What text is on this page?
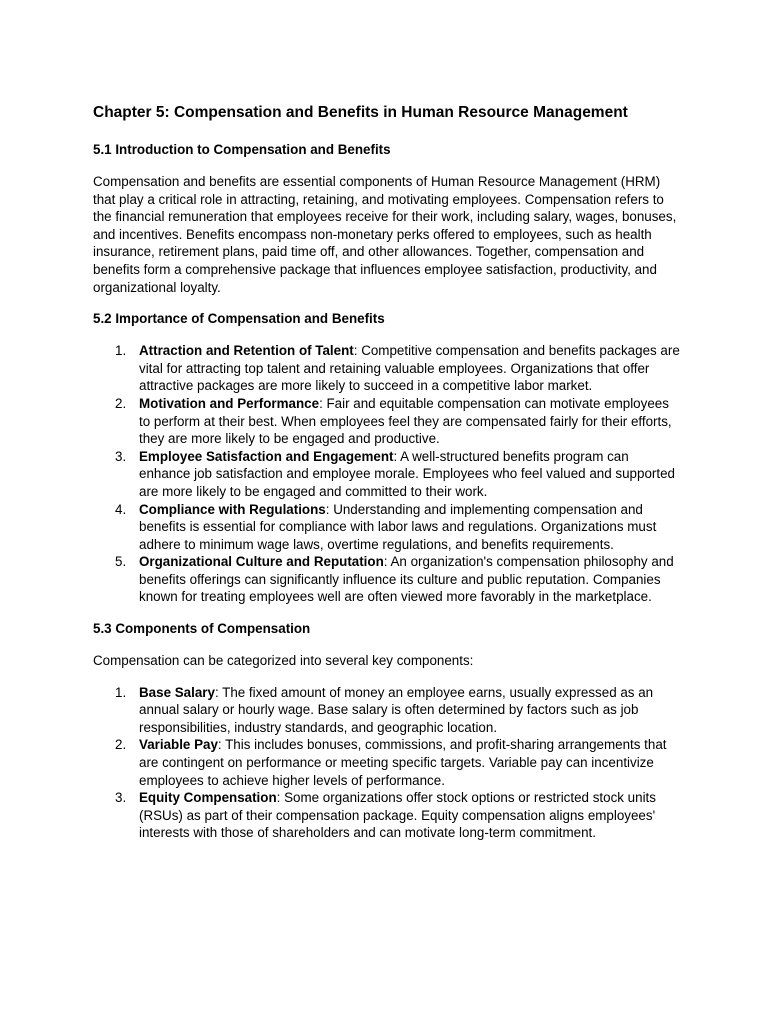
Chapter 5: Compensation and Benefits in Human Resource Management
5.1 Introduction to Compensation and Benefits

Compensation and benefits are essential components of Human Resource Management (HRM) that play a critical role in attracting, retaining, and motivating employees. Compensation refers to the financial remuneration that employees receive for their work, including salary, wages, bonuses, and incentives. Benefits encompass non-monetary perks offered to employees, such as health insurance, retirement plans, paid time off, and other allowances. Together, compensation and benefits form a comprehensive package that influences employee satisfaction, productivity, and organizational loyalty.

5.2 Importance of Compensation and Benefits
1. Attraction and Retention of Talent: Competitive compensation and benefits packages are vital for attracting top talent and retaining valuable employees. Organizations that offer attractive packages are more likely to succeed in a competitive labor market.
2. Motivation and Performance: Fair and equitable compensation can motivate employees to perform at their best. When employees feel they are compensated fairly for their efforts, they are more likely to be engaged and productive.
3. Employee Satisfaction and Engagement: A well-structured benefits program can enhance job satisfaction and employee morale. Employees who feel valued and supported are more likely to be engaged and committed to their work.
4. Compliance with Regulations: Understanding and implementing compensation and benefits is essential for compliance with labor laws and regulations. Organizations must adhere to minimum wage laws, overtime regulations, and benefits requirements.
5. Organizational Culture and Reputation: An organization's compensation philosophy and benefits offerings can significantly influence its culture and public reputation. Companies known for treating employees well are often viewed more favorably in the marketplace.
5.3 Components of Compensation

Compensation can be categorized into several key components:

1. Base Salary: The fixed amount of money an employee earns, usually expressed as an annual salary or hourly wage. Base salary is often determined by factors such as job responsibilities, industry standards, and geographic location.
2. Variable Pay: This includes bonuses, commissions, and profit-sharing arrangements that are contingent on performance or meeting specific targets. Variable pay can incentivize employees to achieve higher levels of performance.
3. Equity Compensation: Some organizations offer stock options or restricted stock units (RSUs) as part of their compensation package. Equity compensation aligns employees' interests with those of shareholders and can motivate long-term commitment.
